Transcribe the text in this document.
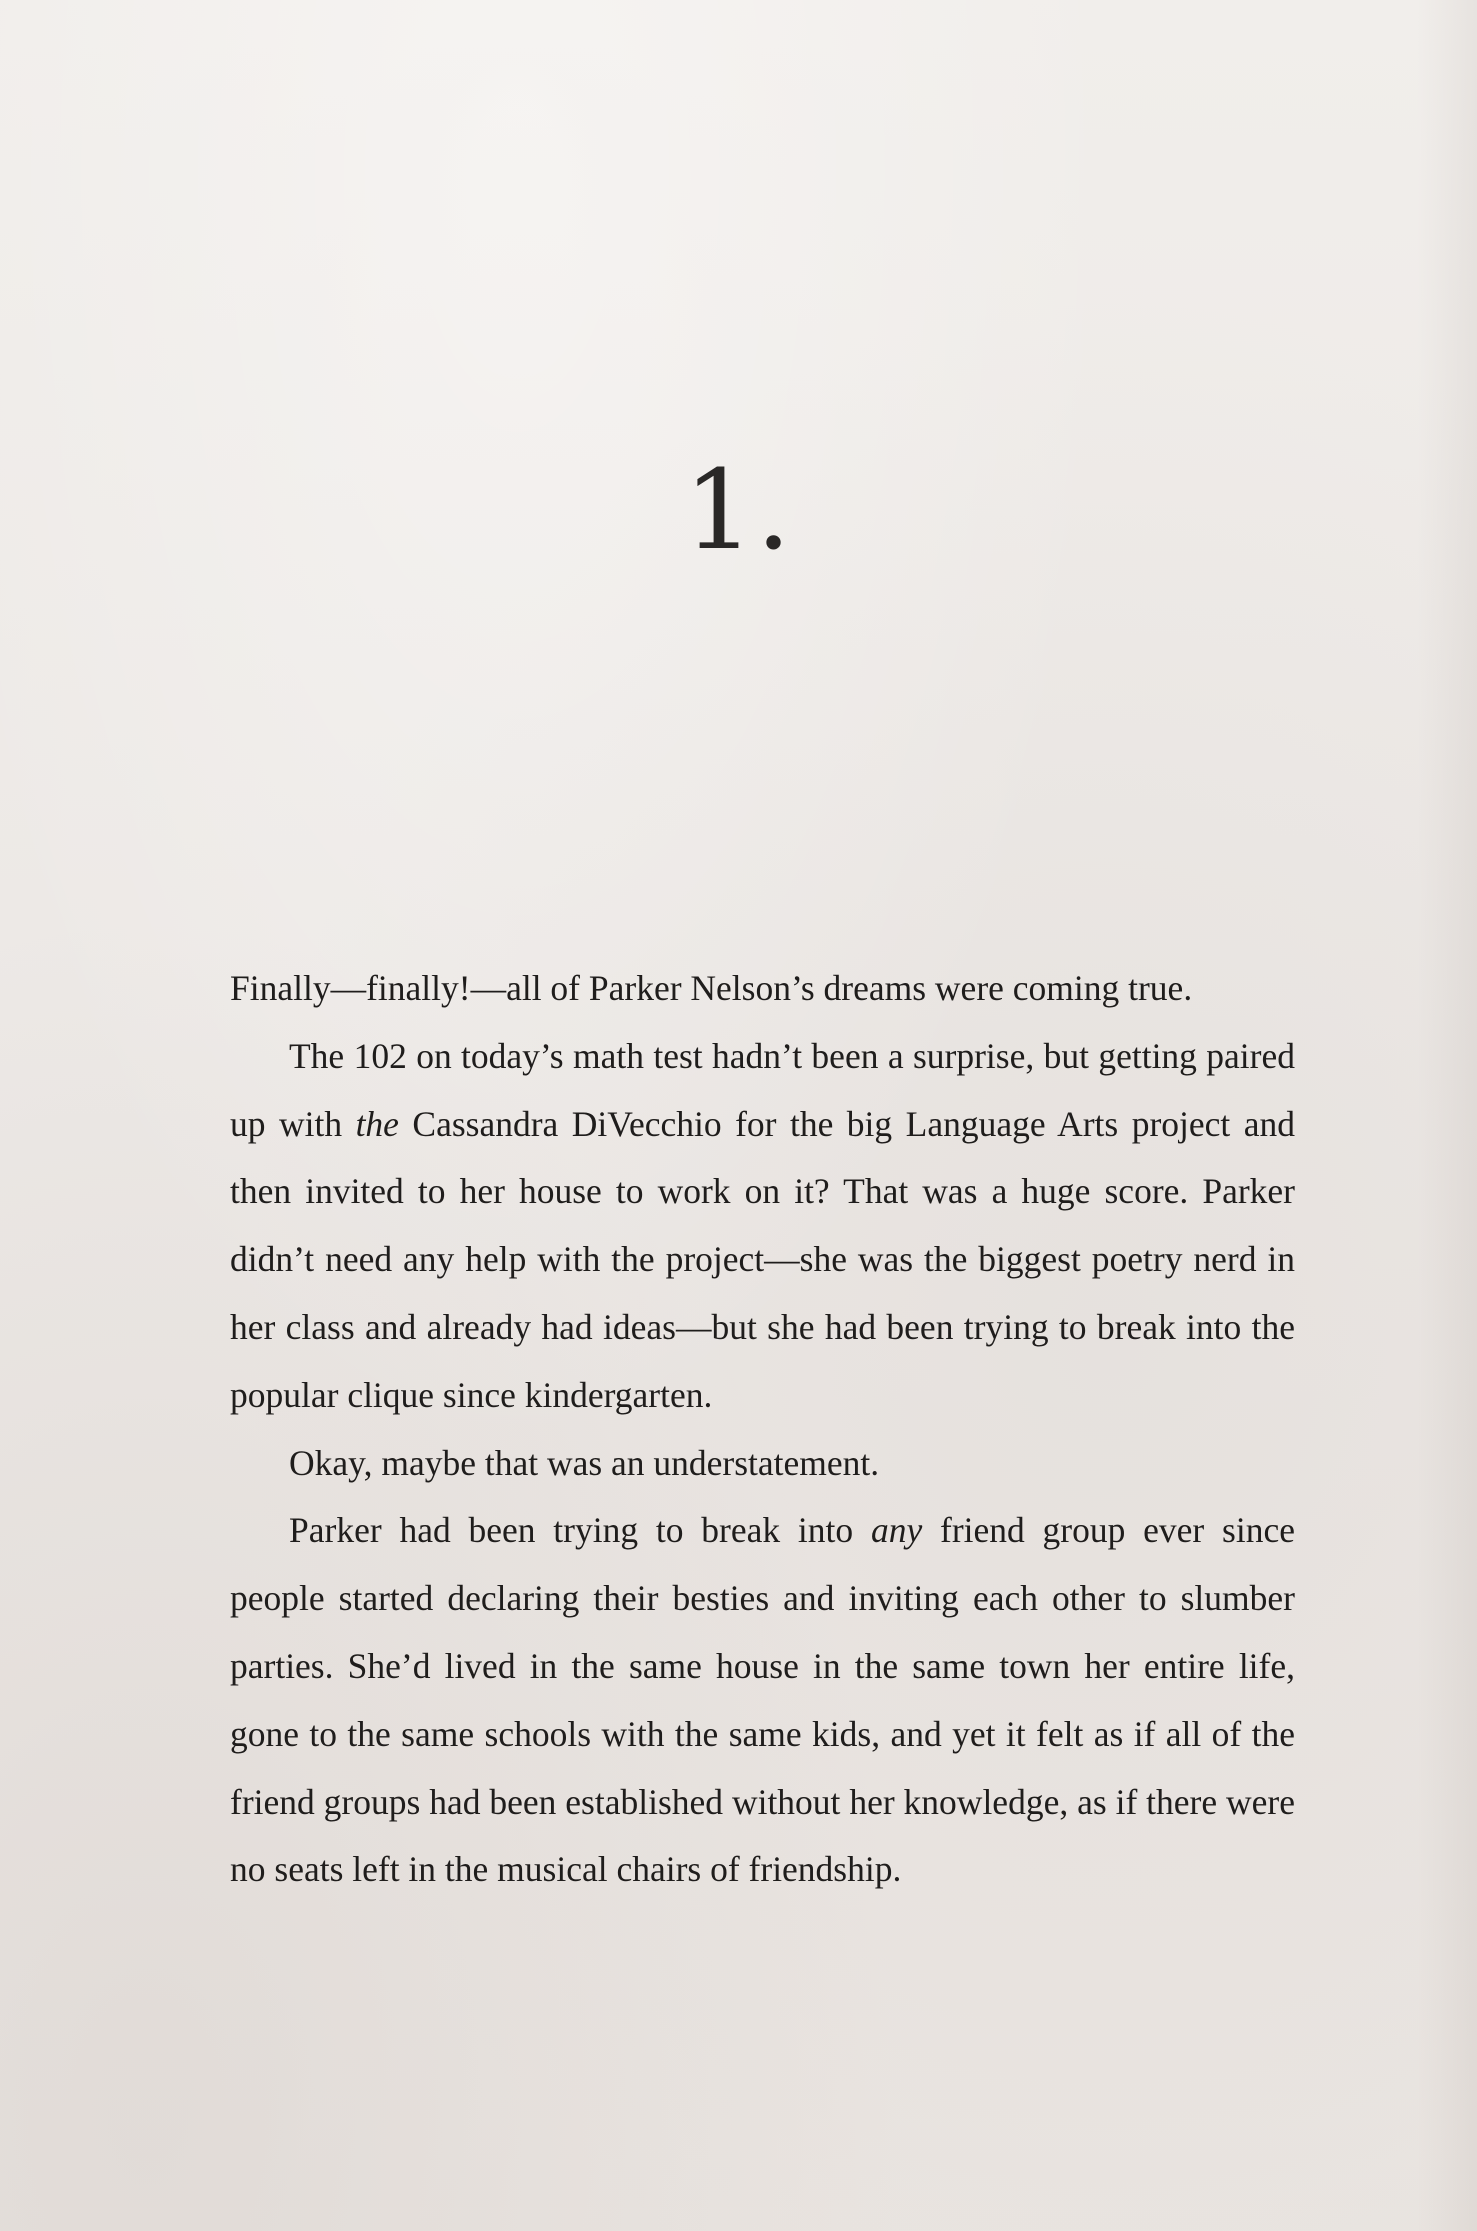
1.

Finally—finally!—all of Parker Nelson’s dreams were coming true.

The 102 on today’s math test hadn’t been a surprise, but getting paired up with the Cassandra DiVecchio for the big Language Arts project and then invited to her house to work on it? That was a huge score. Parker didn’t need any help with the project—she was the biggest poetry nerd in her class and already had ideas—but she had been trying to break into the popular clique since kindergarten.

Okay, maybe that was an understatement.

Parker had been trying to break into any friend group ever since people started declaring their besties and inviting each other to slumber parties. She’d lived in the same house in the same town her entire life, gone to the same schools with the same kids, and yet it felt as if all of the friend groups had been established without her knowledge, as if there were no seats left in the musical chairs of friendship.
